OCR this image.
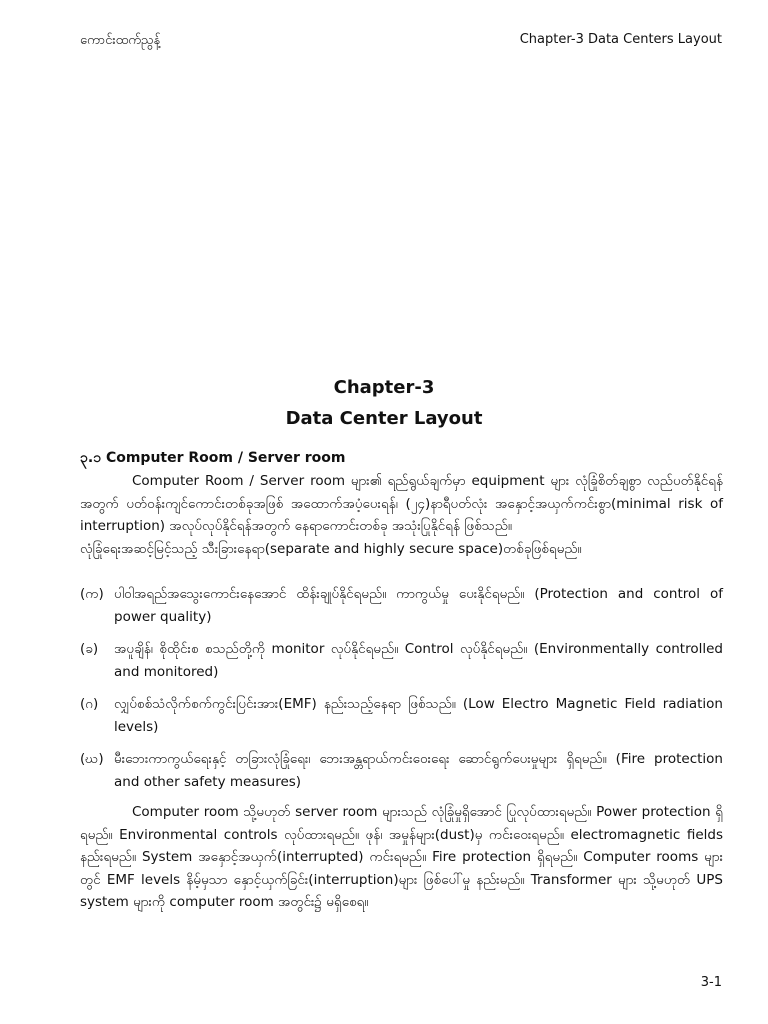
ကောင်းထက်ညွန့်	Chapter-3 Data Centers Layout
Chapter-3
Data Center Layout
၃.၁ Computer Room / Server room

Computer Room / Server room များ၏ ရည်ရွယ်ချက်မှာ equipment များ လုံခြုံစိတ်ချစွာ လည်ပတ်နိုင်ရန်အတွက် ပတ်ဝန်းကျင်ကောင်းတစ်ခုအဖြစ် အထောက်အပံ့ပေးရန်၊ (၂၄)နာရီပတ်လုံး အနှောင့်အယှက်ကင်းစွာ(minimal risk of interruption) အလုပ်လုပ်နိုင်ရန်အတွက် နေရာကောင်းတစ်ခု အသုံးပြုနိုင်ရန် ဖြစ်သည်။

လုံခြုံရေးအဆင့်မြင့်သည့် သီးခြားနေရာ(separate and highly secure space)တစ်ခုဖြစ်ရမည်။

(က) ပါဝါအရည်အသွေးကောင်းနေအောင် ထိန်းချုပ်နိုင်ရမည်။ ကာကွယ်မှု ပေးနိုင်ရမည်။ (Protection and control of power quality)
(ခ)	အပူချိန်၊ စိုထိုင်းစ စသည်တို့ကို monitor လုပ်နိုင်ရမည်။ Control လုပ်နိုင်ရမည်။ (Environmentally controlled and monitored)
(ဂ)	လျှပ်စစ်သံလိုက်စက်ကွင်းပြင်းအား(EMF) နည်းသည့်နေရာ ဖြစ်သည်။ (Low Electro Magnetic Field radiation levels)
(ဃ) မီးဘေးကာကွယ်ရေးနှင့် တခြားလုံခြုံရေး၊ ဘေးအန္တရာယ်ကင်းဝေးရေး ဆောင်ရွက်ပေးမှုများ ရှိရမည်။ (Fire protection and other safety measures)

Computer room သို့မဟုတ် server room များသည် လုံခြုံမှုရှိအောင် ပြုလုပ်ထားရမည်။ Power protection ရှိရမည်။ Environmental controls လုပ်ထားရမည်။ ဖုန်၊ အမှုန်များ(dust)မှ ကင်းဝေးရမည်။ electromagnetic fields နည်းရမည်။ System အနှောင့်အယှက်(interrupted) ကင်းရမည်။ Fire protection ရှိရမည်။ Computer rooms များတွင် EMF levels နိမ့်မှသာ နှောင့်ယှက်ခြင်း(interruption)များ ဖြစ်ပေါ်မှု နည်းမည်။ Transformer များ သို့မဟုတ် UPS system များကို computer room အတွင်း၌ မရှိစေရ။

3-1
